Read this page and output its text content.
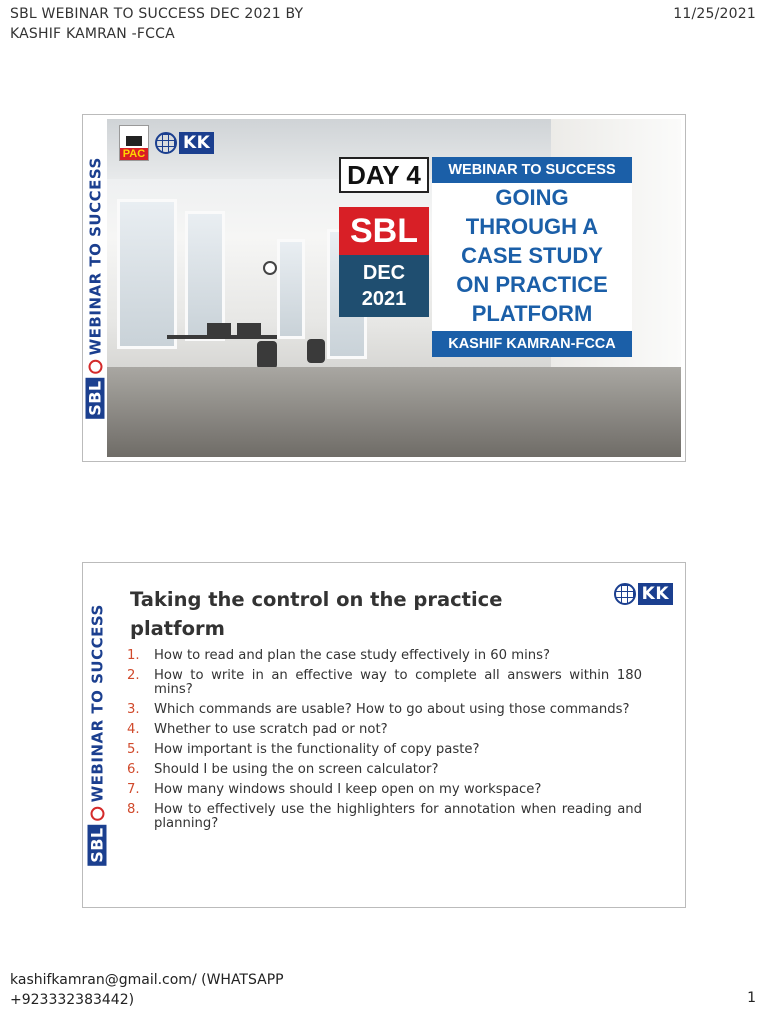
SBL WEBINAR TO SUCCESS DEC 2021 BY
KASHIF KAMRAN -FCCA
11/25/2021
SBL
WEBINAR TO SUCCESS
PAC
KK
DAY 4
SBL
DEC
2021
WEBINAR TO SUCCESS
GOING
THROUGH A
CASE STUDY
ON PRACTICE
PLATFORM
KASHIF KAMRAN-FCCA
SBL
WEBINAR TO SUCCESS
Taking the control on the practice
platform
KK
1.	How to read and plan the case study effectively in 60 mins?
2.	How to write in an effective way to complete all answers within 180 mins?
3.	Which commands are usable? How to go about using those commands?
4.	Whether to use scratch pad or not?
5.	How important is the functionality of copy paste?
6.	Should I be using the on screen calculator?
7.	How many windows should I keep open on my workspace?
8.	How to effectively use the highlighters for annotation when reading and planning?
kashifkamran@gmail.com/ (WHATSAPP
+923332383442)	1
